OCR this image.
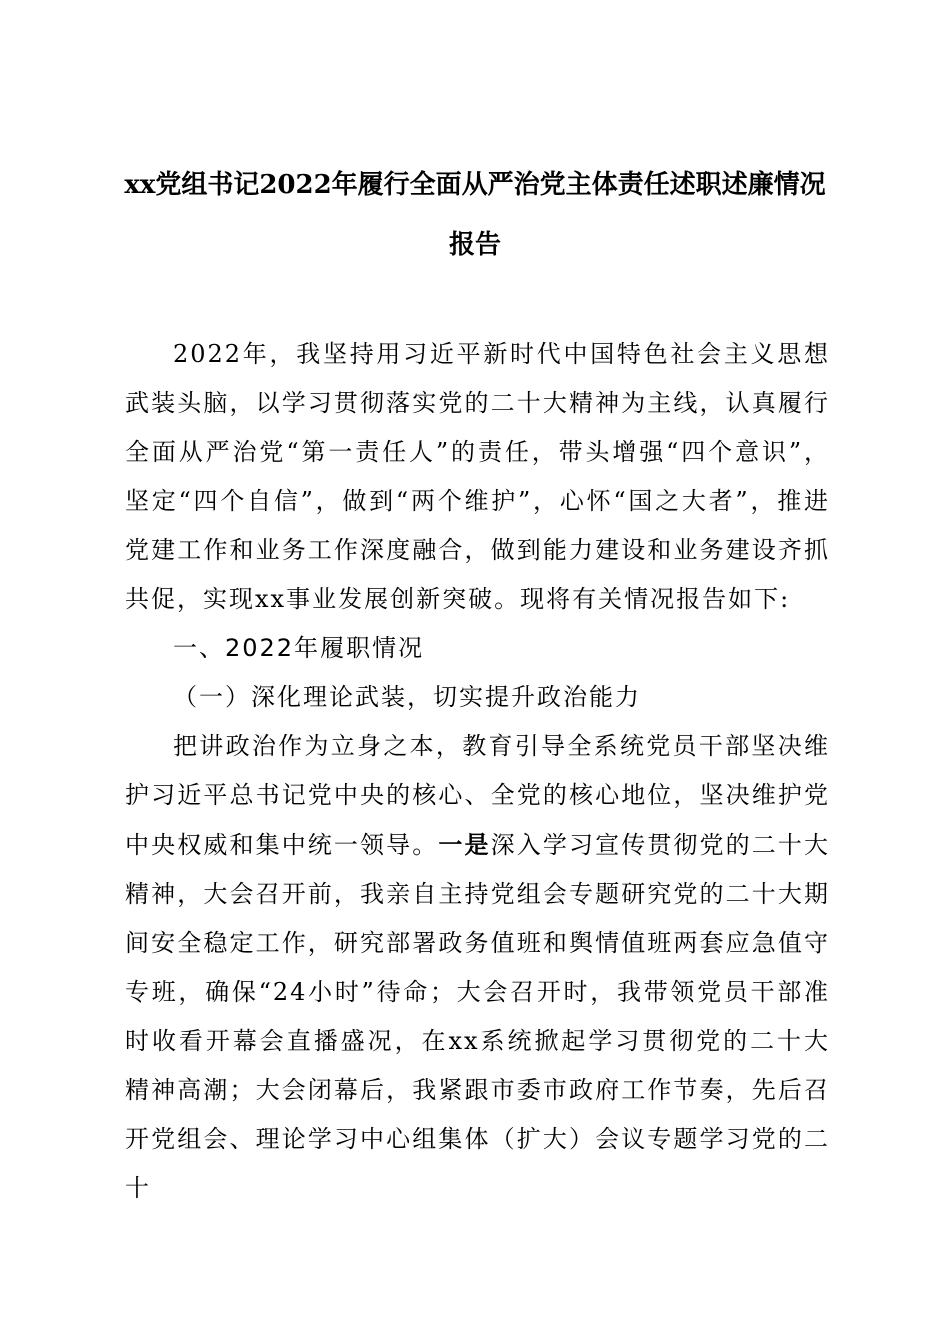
xx党组书记2022年履行全面从严治党主体责任述职述廉情况报告

2022年，我坚持用习近平新时代中国特色社会主义思想武装头脑，以学习贯彻落实党的二十大精神为主线，认真履行全面从严治党“第一责任人”的责任，带头增强“四个意识”，坚定“四个自信”，做到“两个维护”，心怀“国之大者”，推进党建工作和业务工作深度融合，做到能力建设和业务建设齐抓共促，实现xx事业发展创新突破。现将有关情况报告如下:

一、2022年履职情况

（一）深化理论武装，切实提升政治能力

把讲政治作为立身之本，教育引导全系统党员干部坚决维护习近平总书记党中央的核心、全党的核心地位，坚决维护党中央权威和集中统一领导。一是深入学习宣传贯彻党的二十大精神，大会召开前，我亲自主持党组会专题研究党的二十大期间安全稳定工作，研究部署政务值班和舆情值班两套应急值守专班，确保“24小时”待命；大会召开时，我带领党员干部准时收看开幕会直播盛况，在xx系统掀起学习贯彻党的二十大精神高潮；大会闭幕后，我紧跟市委市政府工作节奏，先后召开党组会、理论学习中心组集体（扩大）会议专题学习党的二十
